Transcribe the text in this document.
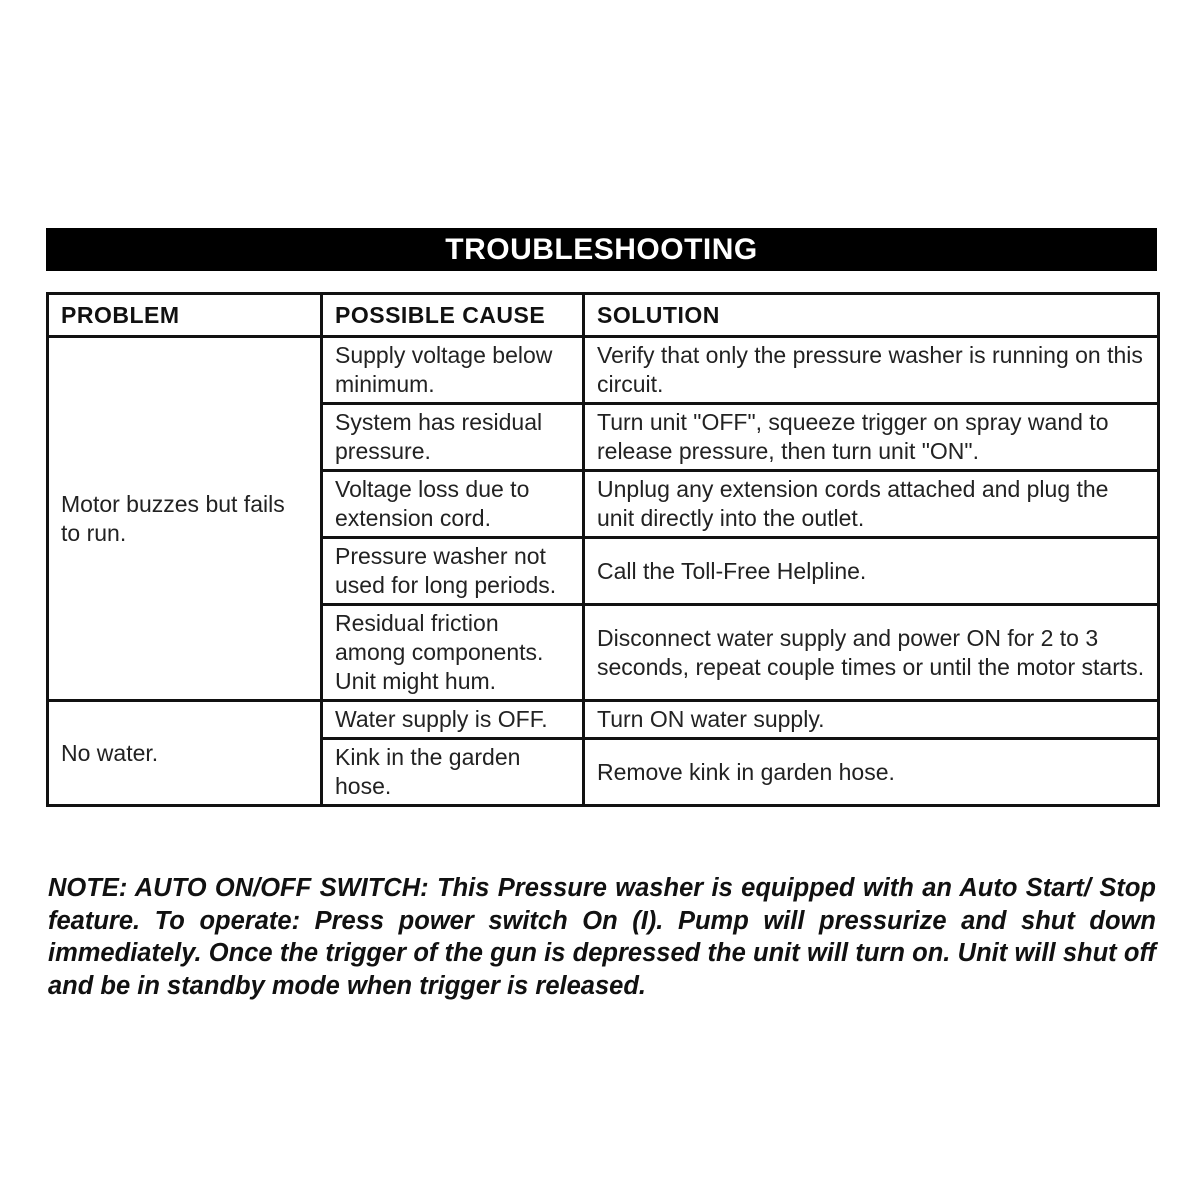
TROUBLESHOOTING
PROBLEM	POSSIBLE CAUSE	SOLUTION
Motor buzzes but fails to run.	Supply voltage below minimum.	Verify that only the pressure washer is running on this circuit.
	System has residual pressure.	Turn unit "OFF", squeeze trigger on spray wand to release pressure, then turn unit "ON".
	Voltage loss due to extension cord.	Unplug any extension cords attached and plug the unit directly into the outlet.
	Pressure washer not used for long periods.	Call the Toll-Free Helpline.
	Residual friction among components. Unit might hum.	Disconnect water supply and power ON for 2 to 3 seconds, repeat couple times or until the motor starts.
No water.	Water supply is OFF.	Turn ON water supply.
	Kink in the garden hose.	Remove kink in garden hose.

NOTE: AUTO ON/OFF SWITCH: This Pressure washer is equipped with an Auto Start/ Stop feature. To operate: Press power switch On (I). Pump will pressurize and shut down immediately. Once the trigger of the gun is depressed the unit will turn on. Unit will shut off and be in standby mode when trigger is released.
